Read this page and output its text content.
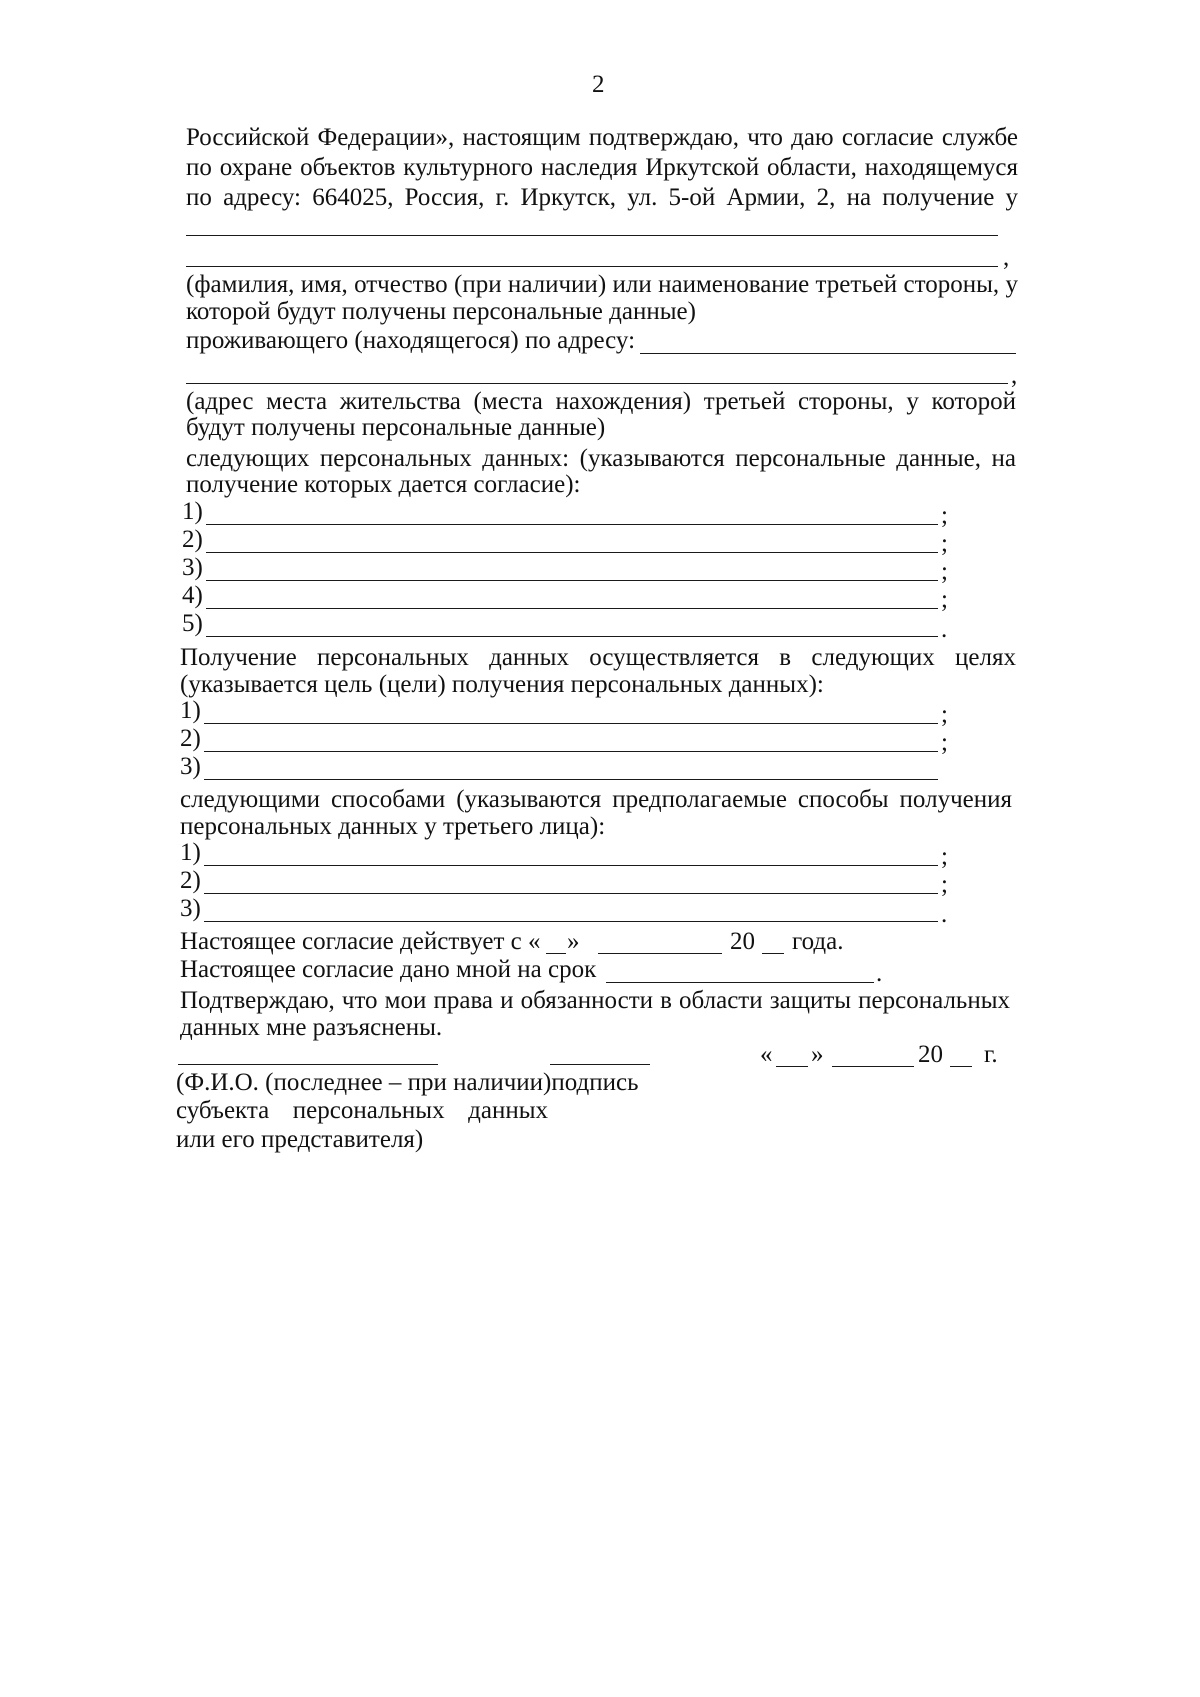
2
Российской Федерации», настоящим подтверждаю, что даю согласие службе
по охране объектов культурного наследия Иркутской области, находящемуся
по адресу: 664025, Россия, г. Иркутск, ул. 5-ой Армии, 2, на получение у
,
(фамилия, имя, отчество (при наличии) или наименование третьей стороны, у
которой будут получены персональные данные)
проживающего (находящегося) по адресу:
,
(адрес места жительства (места нахождения) третьей стороны, у которой
будут получены персональные данные)
следующих персональных данных: (указываются персональные данные, на
получение которых дается согласие):
1)	;
2)	;
3)	;
4)	;
5)	.
Получение персональных данных осуществляется в следующих целях
(указывается цель (цели) получения персональных данных):
1)	;
2)	;
3)
следующими способами (указываются предполагаемые способы получения
персональных данных у третьего лица):
1)	;
2)	;
3)	.
Настоящее согласие действует с « »	20 года.
Настоящее согласие дано мной на срок	.
Подтверждаю, что мои права и обязанности в области защиты персональных
данных мне разъяснены.
« »	20 г.
(Ф.И.О. (последнее – при наличии)подпись
субъекта персональных данных
или его представителя)
